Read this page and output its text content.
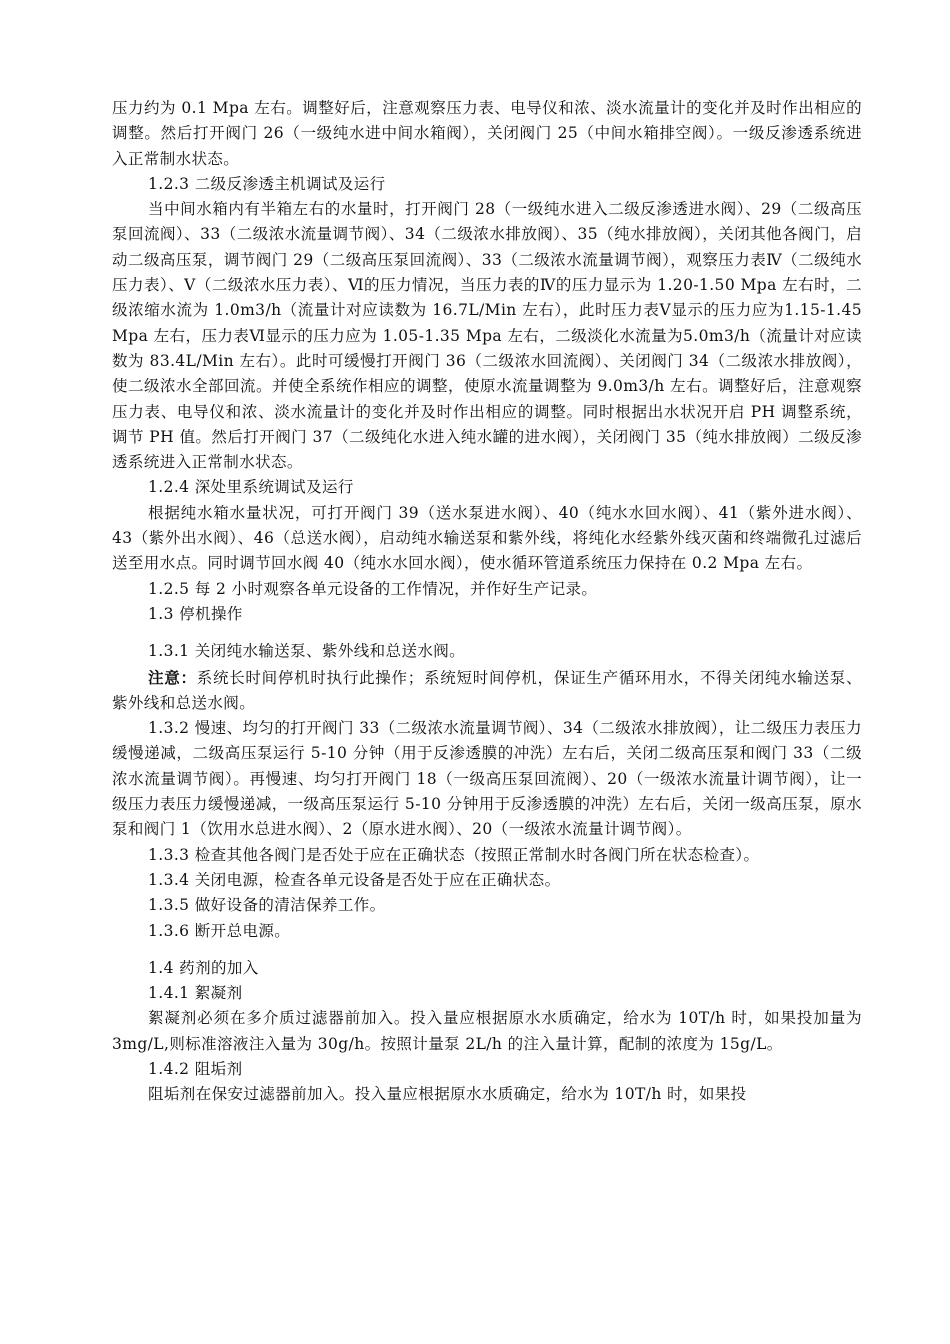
压力约为 0.1 Mpa 左右。调整好后，注意观察压力表、电导仪和浓、淡水流量计的变化并及时作出相应的调整。然后打开阀门 26（一级纯水进中间水箱阀），关闭阀门 25（中间水箱排空阀）。一级反渗透系统进入正常制水状态。

1.2.3 二级反渗透主机调试及运行

当中间水箱内有半箱左右的水量时，打开阀门 28（一级纯水进入二级反渗透进水阀）、29（二级高压泵回流阀）、33（二级浓水流量调节阀）、34（二级浓水排放阀）、35（纯水排放阀），关闭其他各阀门，启动二级高压泵，调节阀门 29（二级高压泵回流阀）、33（二级浓水流量调节阀），观察压力表Ⅳ（二级纯水压力表）、Ⅴ（二级浓水压力表）、Ⅵ的压力情况，当压力表的Ⅳ的压力显示为 1.20-1.50 Mpa 左右时，二级浓缩水流为 1.0m3/h（流量计对应读数为 16.7L/Min 左右），此时压力表Ⅴ显示的压力应为1.15-1.45 Mpa 左右，压力表Ⅵ显示的压力应为 1.05-1.35 Mpa 左右，二级淡化水流量为5.0m3/h（流量计对应读数为 83.4L/Min 左右）。此时可缓慢打开阀门 36（二级浓水回流阀）、关闭阀门 34（二级浓水排放阀），使二级浓水全部回流。并使全系统作相应的调整，使原水流量调整为 9.0m3/h 左右。调整好后，注意观察压力表、电导仪和浓、淡水流量计的变化并及时作出相应的调整。同时根据出水状况开启 PH 调整系统，调节 PH 值。然后打开阀门 37（二级纯化水进入纯水罐的进水阀），关闭阀门 35（纯水排放阀）二级反渗透系统进入正常制水状态。

1.2.4 深处里系统调试及运行

根据纯水箱水量状况，可打开阀门 39（送水泵进水阀）、40（纯水水回水阀）、41（紫外进水阀）、43（紫外出水阀）、46（总送水阀），启动纯水输送泵和紫外线，将纯化水经紫外线灭菌和终端微孔过滤后送至用水点。同时调节回水阀 40（纯水水回水阀），使水循环管道系统压力保持在 0.2 Mpa 左右。

1.2.5 每 2 小时观察各单元设备的工作情况，并作好生产记录。

1.3 停机操作

1.3.1 关闭纯水输送泵、紫外线和总送水阀。

注意：系统长时间停机时执行此操作；系统短时间停机，保证生产循环用水，不得关闭纯水输送泵、紫外线和总送水阀。

1.3.2 慢速、均匀的打开阀门 33（二级浓水流量调节阀）、34（二级浓水排放阀），让二级压力表压力缓慢递减，二级高压泵运行 5-10 分钟（用于反渗透膜的冲洗）左右后，关闭二级高压泵和阀门 33（二级浓水流量调节阀）。再慢速、均匀打开阀门 18（一级高压泵回流阀）、20（一级浓水流量计调节阀），让一级压力表压力缓慢递减，一级高压泵运行 5-10 分钟用于反渗透膜的冲洗）左右后，关闭一级高压泵，原水泵和阀门 1（饮用水总进水阀）、2（原水进水阀）、20（一级浓水流量计调节阀）。

1.3.3 检查其他各阀门是否处于应在正确状态（按照正常制水时各阀门所在状态检查）。

1.3.4 关闭电源，检查各单元设备是否处于应在正确状态。

1.3.5 做好设备的清洁保养工作。

1.3.6 断开总电源。

1.4 药剂的加入

1.4.1 絮凝剂

絮凝剂必须在多介质过滤器前加入。投入量应根据原水水质确定，给水为 10T/h 时，如果投加量为 3mg/L,则标准溶液注入量为 30g/h。按照计量泵 2L/h 的注入量计算，配制的浓度为 15g/L。

1.4.2 阻垢剂

阻垢剂在保安过滤器前加入。投入量应根据原水水质确定，给水为 10T/h 时，如果投
